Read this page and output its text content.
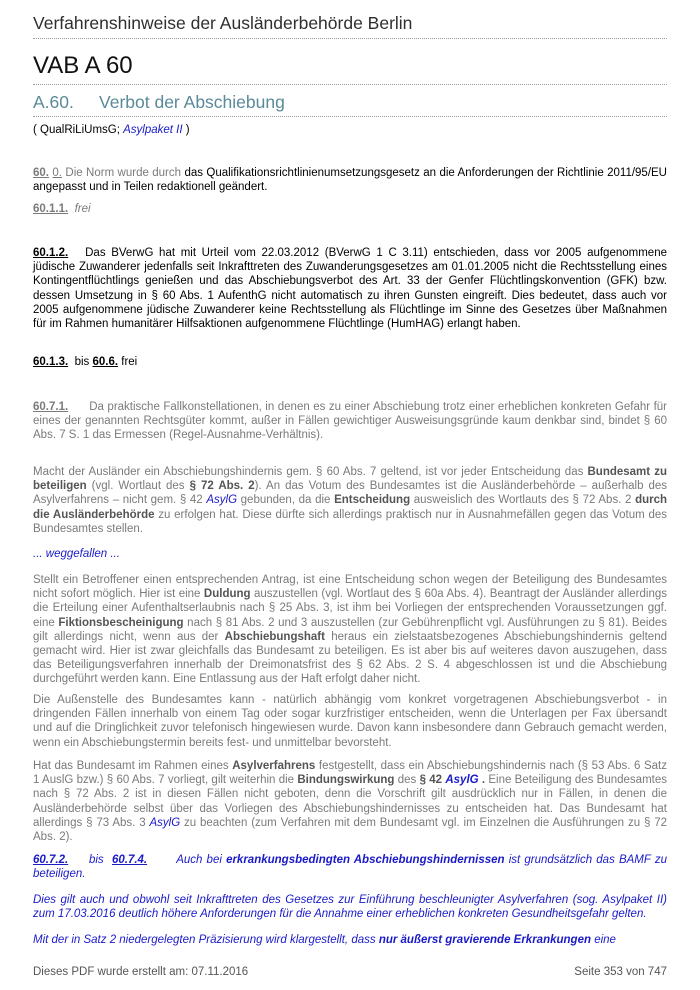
Verfahrenshinweise der Ausländerbehörde Berlin
VAB A 60
A.60. Verbot der Abschiebung
( QualRiLiUmsG; Asylpaket II )
60. 0. Die Norm wurde durch das Qualifikationsrichtlinienumsetzungsgesetz an die Anforderungen der Richtlinie 2011/95/EU angepasst und in Teilen redaktionell geändert.
60.1.1. frei
60.1.2. Das BVerwG hat mit Urteil vom 22.03.2012 (BVerwG 1 C 3.11) entschieden, dass vor 2005 aufgenommene jüdische Zuwanderer jedenfalls seit Inkrafttreten des Zuwanderungsgesetzes am 01.01.2005 nicht die Rechtsstellung eines Kontingentflüchtlings genießen und das Abschiebungsverbot des Art. 33 der Genfer Flüchtlingskonvention (GFK) bzw. dessen Umsetzung in § 60 Abs. 1 AufenthG nicht automatisch zu ihren Gunsten eingreift. Dies bedeutet, dass auch vor 2005 aufgenommene jüdische Zuwanderer keine Rechtsstellung als Flüchtlinge im Sinne des Gesetzes über Maßnahmen für im Rahmen humanitärer Hilfsaktionen aufgenommene Flüchtlinge (HumHAG) erlangt haben.
60.1.3. bis 60.6. frei
60.7.1. Da praktische Fallkonstellationen, in denen es zu einer Abschiebung trotz einer erheblichen konkreten Gefahr für eines der genannten Rechtsgüter kommt, außer in Fällen gewichtiger Ausweisungsgründe kaum denkbar sind, bindet § 60 Abs. 7 S. 1 das Ermessen (Regel-Ausnahme-Verhältnis).
Macht der Ausländer ein Abschiebungshindernis gem. § 60 Abs. 7 geltend, ist vor jeder Entscheidung das Bundesamt zu beteiligen (vgl. Wortlaut des § 72 Abs. 2). An das Votum des Bundesamtes ist die Ausländerbehörde – außerhalb des Asylverfahrens – nicht gem. § 42 AsylG gebunden, da die Entscheidung ausweislich des Wortlauts des § 72 Abs. 2 durch die Ausländerbehörde zu erfolgen hat. Diese dürfte sich allerdings praktisch nur in Ausnahmefällen gegen das Votum des Bundesamtes stellen.
... weggefallen ...
Stellt ein Betroffener einen entsprechenden Antrag, ist eine Entscheidung schon wegen der Beteiligung des Bundesamtes nicht sofort möglich. Hier ist eine Duldung auszustellen (vgl. Wortlaut des § 60a Abs. 4). Beantragt der Ausländer allerdings die Erteilung einer Aufenthaltserlaubnis nach § 25 Abs. 3, ist ihm bei Vorliegen der entsprechenden Voraussetzungen ggf. eine Fiktionsbescheinigung nach § 81 Abs. 2 und 3 auszustellen (zur Gebührenpflicht vgl. Ausführungen zu § 81). Beides gilt allerdings nicht, wenn aus der Abschiebungshaft heraus ein zielstaatsbezogenes Abschiebungshindernis geltend gemacht wird. Hier ist zwar gleichfalls das Bundesamt zu beteiligen. Es ist aber bis auf weiteres davon auszugehen, dass das Beteiligungsverfahren innerhalb der Dreimonatsfrist des § 62 Abs. 2 S. 4 abgeschlossen ist und die Abschiebung durchgeführt werden kann. Eine Entlassung aus der Haft erfolgt daher nicht.
Die Außenstelle des Bundesamtes kann - natürlich abhängig vom konkret vorgetragenen Abschiebungsverbot - in dringenden Fällen innerhalb von einem Tag oder sogar kurzfristiger entscheiden, wenn die Unterlagen per Fax übersandt und auf die Dringlichkeit zuvor telefonisch hingewiesen wurde. Davon kann insbesondere dann Gebrauch gemacht werden, wenn ein Abschiebungstermin bereits fest- und unmittelbar bevorsteht.
Hat das Bundesamt im Rahmen eines Asylverfahrens festgestellt, dass ein Abschiebungshindernis nach (§ 53 Abs. 6 Satz 1 AuslG bzw.) § 60 Abs. 7 vorliegt, gilt weiterhin die Bindungswirkung des § 42 AsylG . Eine Beteiligung des Bundesamtes nach § 72 Abs. 2 ist in diesen Fällen nicht geboten, denn die Vorschrift gilt ausdrücklich nur in Fällen, in denen die Ausländerbehörde selbst über das Vorliegen des Abschiebungshindernisses zu entscheiden hat. Das Bundesamt hat allerdings § 73 Abs. 3 AsylG zu beachten (zum Verfahren mit dem Bundesamt vgl. im Einzelnen die Ausführungen zu § 72 Abs. 2).
60.7.2. bis 60.7.4.	Auch bei erkrankungsbedingten Abschiebungshindernissen ist grundsätzlich das BAMF zu beteiligen.
Dies gilt auch und obwohl seit Inkrafttreten des Gesetzes zur Einführung beschleunigter Asylverfahren (sog. Asylpaket II) zum 17.03.2016 deutlich höhere Anforderungen für die Annahme einer erheblichen konkreten Gesundheitsgefahr gelten.
Mit der in Satz 2 niedergelegten Präzisierung wird klargestellt, dass nur äußerst gravierende Erkrankungen eine
Dieses PDF wurde erstellt am: 07.11.2016	Seite 353 von 747
